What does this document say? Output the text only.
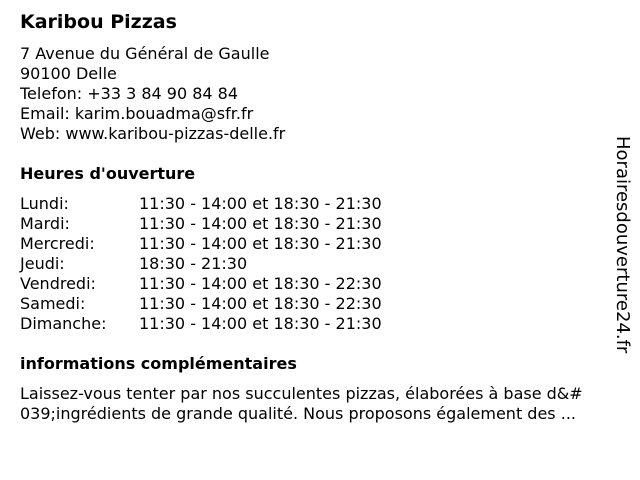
Karibou Pizzas
7 Avenue du Général de Gaulle
90100 Delle
Telefon: +33 3 84 90 84 84
Email: karim.bouadma@sfr.fr
Web: www.karibou-pizzas-delle.fr
Heures d'ouverture
Lundi:	11:30 - 14:00 et 18:30 - 21:30
Mardi:	11:30 - 14:00 et 18:30 - 21:30
Mercredi:	11:30 - 14:00 et 18:30 - 21:30
Jeudi:	18:30 - 21:30
Vendredi:	11:30 - 14:00 et 18:30 - 22:30
Samedi:	11:30 - 14:00 et 18:30 - 22:30
Dimanche: 11:30 - 14:00 et 18:30 - 21:30
informations complémentaires
Laissez-vous tenter par nos succulentes pizzas, élaborées à base d&#
039;ingrédients de grande qualité. Nous proposons également des ...
Horairesdouverture24.fr
